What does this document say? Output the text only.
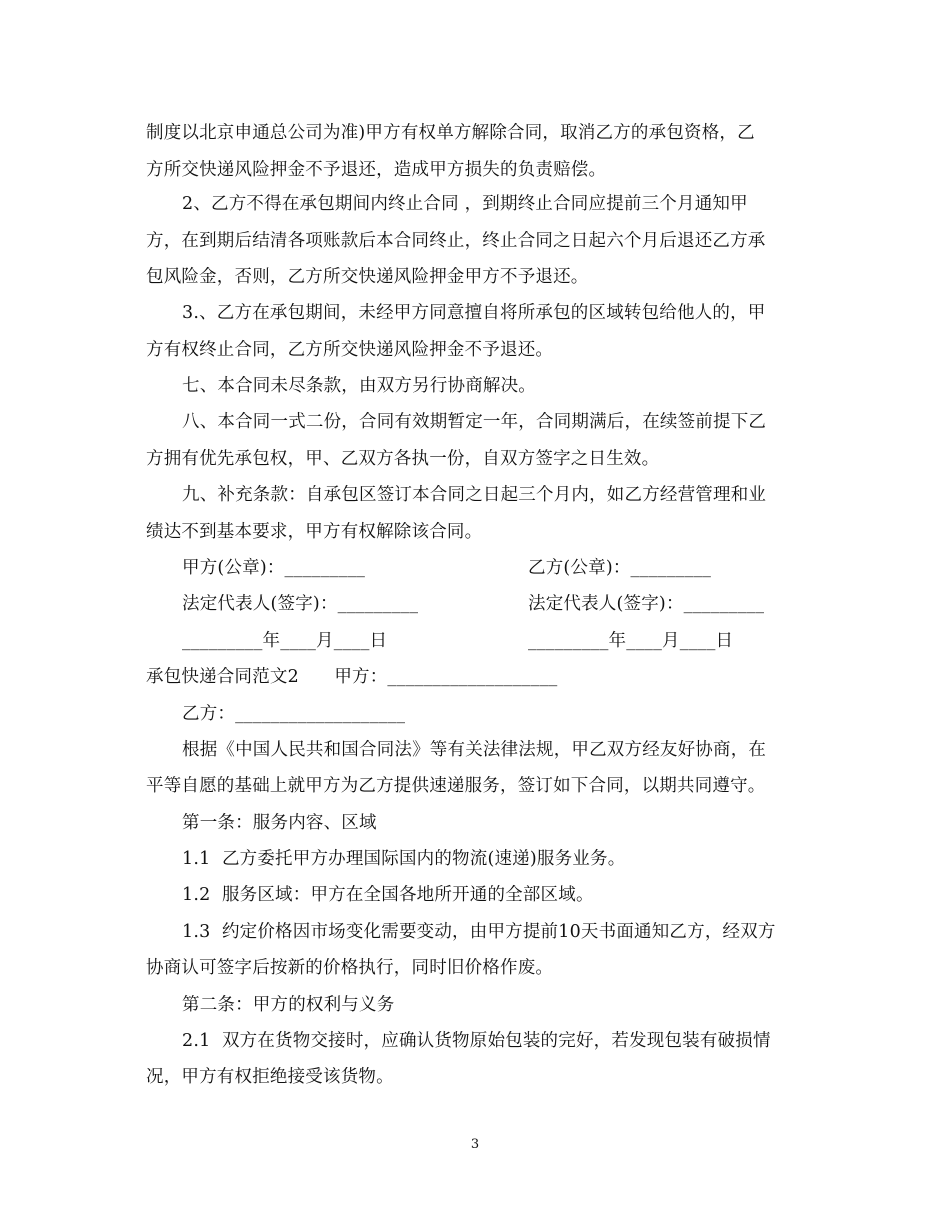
制度以北京申通总公司为准)甲方有权单方解除合同，取消乙方的承包资格，乙
方所交快递风险押金不予退还，造成甲方损失的负责赔偿。
2、乙方不得在承包期间内终止合同 ，到期终止合同应提前三个月通知甲
方，在到期后结清各项账款后本合同终止，终止合同之日起六个月后退还乙方承
包风险金，否则，乙方所交快递风险押金甲方不予退还。
3.、乙方在承包期间，未经甲方同意擅自将所承包的区域转包给他人的，甲
方有权终止合同，乙方所交快递风险押金不予退还。
七、本合同未尽条款，由双方另行协商解决。
八、本合同一式二份，合同有效期暂定一年，合同期满后，在续签前提下乙
方拥有优先承包权，甲、乙双方各执一份，自双方签字之日生效。
九、补充条款：自承包区签订本合同之日起三个月内，如乙方经营管理和业
绩达不到基本要求，甲方有权解除该合同。
甲方(公章)：_________	乙方(公章)：_________
法定代表人(签字)：_________	法定代表人(签字)：_________
_________年____月____日	_________年____月____日
承包快递合同范文2　　甲方：___________________
乙方：___________________
根据《中国人民共和国合同法》等有关法律法规，甲乙双方经友好协商，在
平等自愿的基础上就甲方为乙方提供速递服务，签订如下合同，以期共同遵守。
第一条：服务内容、区域
1.1  乙方委托甲方办理国际国内的物流(速递)服务业务。
1.2  服务区域：甲方在全国各地所开通的全部区域。
1.3  约定价格因市场变化需要变动，由甲方提前10天书面通知乙方，经双方
协商认可签字后按新的价格执行，同时旧价格作废。
第二条：甲方的权利与义务
2.1  双方在货物交接时，应确认货物原始包装的完好，若发现包装有破损情
况，甲方有权拒绝接受该货物。
3
